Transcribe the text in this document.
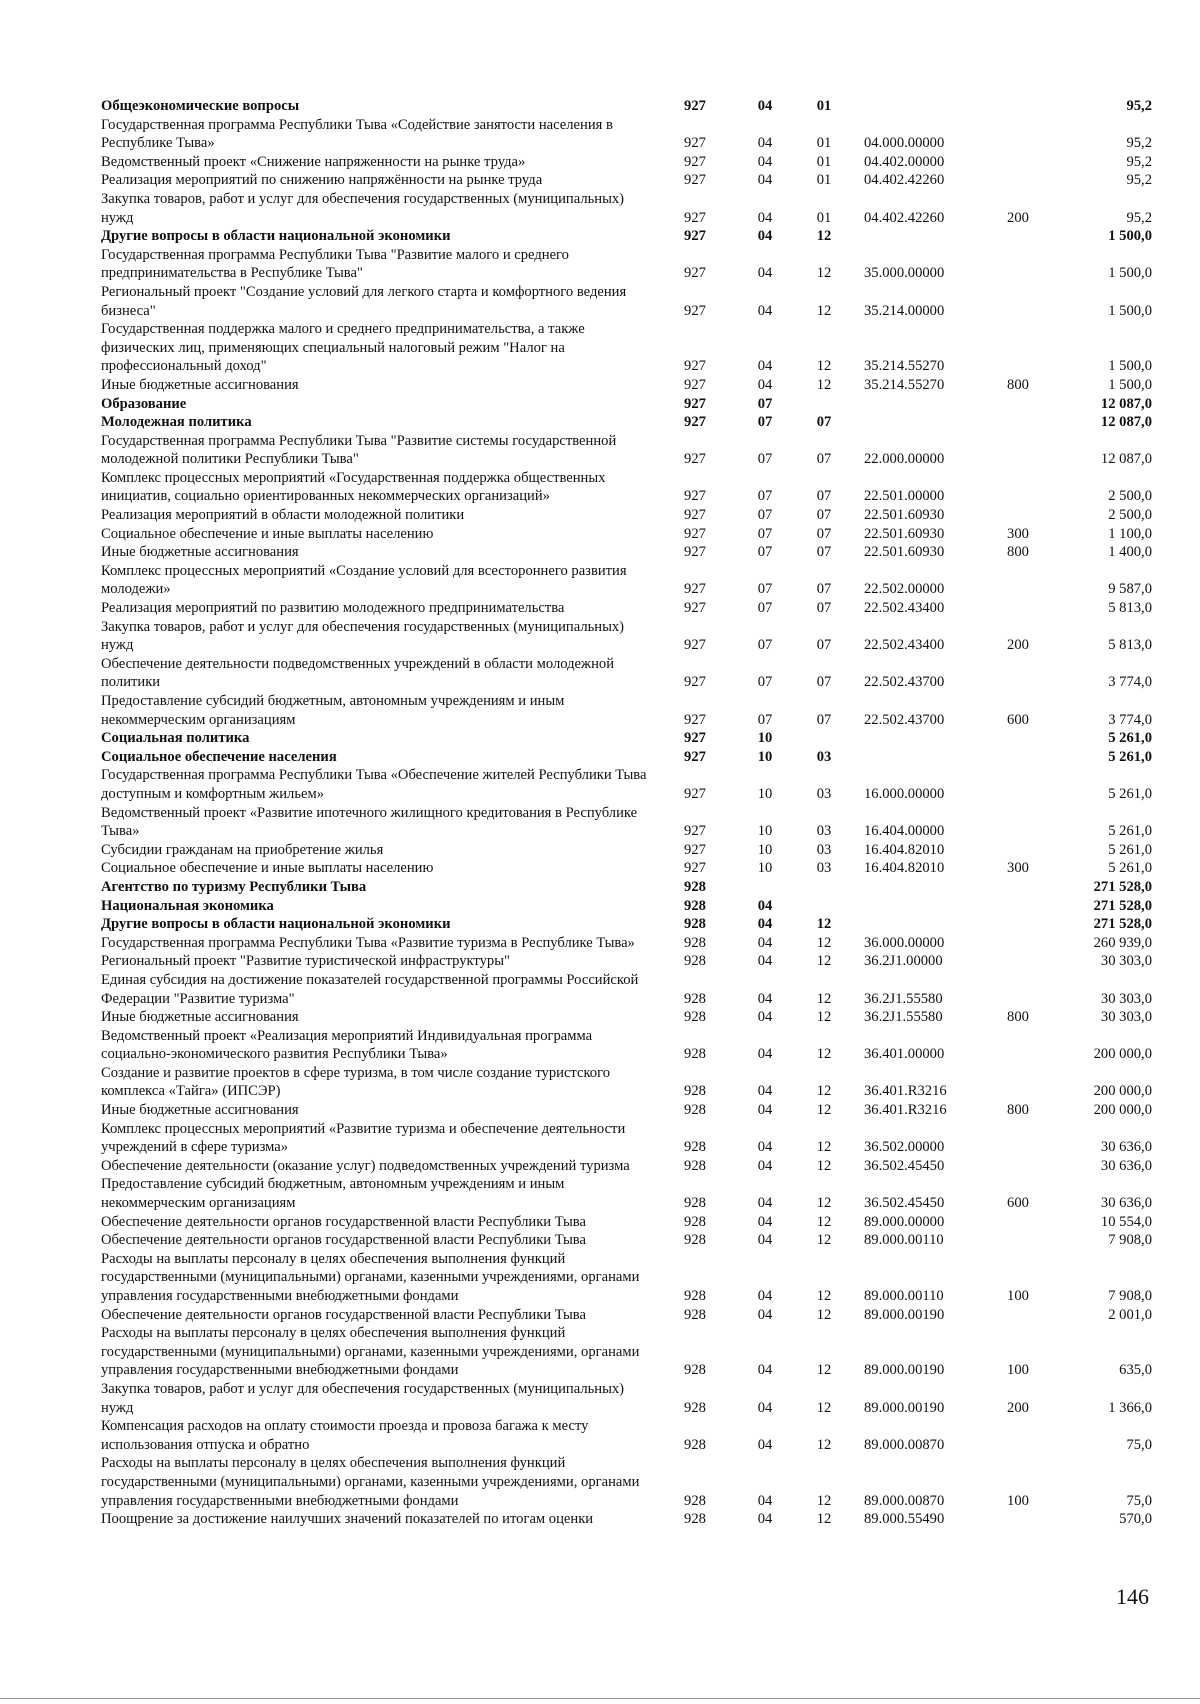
Общеэкономические вопросы	927	04	01			95,2
Государственная программа Республики Тыва «Содействие занятости населения в Республике Тыва»	927	04	01	04.000.00000		95,2
Ведомственный проект «Снижение напряженности на рынке труда»	927	04	01	04.402.00000		95,2
Реализация мероприятий по снижению напряжённости на рынке труда	927	04	01	04.402.42260		95,2
Закупка товаров, работ и услуг для обеспечения государственных (муниципальных) нужд	927	04	01	04.402.42260	200	95,2
Другие вопросы в области национальной экономики	927	04	12			1 500,0
Государственная программа Республики Тыва "Развитие малого и среднего предпринимательства в Республике Тыва"	927	04	12	35.000.00000		1 500,0
Региональный проект "Создание условий для легкого старта и комфортного ведения бизнеса"	927	04	12	35.214.00000		1 500,0
Государственная поддержка малого и среднего предпринимательства, а также физических лиц, применяющих специальный налоговый режим "Налог на профессиональный доход"	927	04	12	35.214.55270		1 500,0
Иные бюджетные ассигнования	927	04	12	35.214.55270	800	1 500,0
Образование	927	07				12 087,0
Молодежная политика	927	07	07			12 087,0
Государственная программа Республики Тыва "Развитие системы государственной молодежной политики Республики Тыва"	927	07	07	22.000.00000		12 087,0
Комплекс процессных мероприятий «Государственная поддержка общественных инициатив, социально ориентированных некоммерческих организаций»	927	07	07	22.501.00000		2 500,0
Реализация мероприятий в области молодежной политики	927	07	07	22.501.60930		2 500,0
Социальное обеспечение и иные выплаты населению	927	07	07	22.501.60930	300	1 100,0
Иные бюджетные ассигнования	927	07	07	22.501.60930	800	1 400,0
Комплекс процессных мероприятий «Создание условий для всестороннего развития молодежи»	927	07	07	22.502.00000		9 587,0
Реализация мероприятий по развитию молодежного предпринимательства	927	07	07	22.502.43400		5 813,0
Закупка товаров, работ и услуг для обеспечения государственных (муниципальных) нужд	927	07	07	22.502.43400	200	5 813,0
Обеспечение деятельности подведомственных учреждений в области молодежной политики	927	07	07	22.502.43700		3 774,0
Предоставление субсидий бюджетным, автономным учреждениям и иным некоммерческим организациям	927	07	07	22.502.43700	600	3 774,0
Социальная политика	927	10				5 261,0
Социальное обеспечение населения	927	10	03			5 261,0
Государственная программа Республики Тыва «Обеспечение жителей Республики Тыва доступным и комфортным жильем»	927	10	03	16.000.00000		5 261,0
Ведомственный проект «Развитие ипотечного жилищного кредитования в Республике Тыва»	927	10	03	16.404.00000		5 261,0
Субсидии гражданам на приобретение жилья	927	10	03	16.404.82010		5 261,0
Социальное обеспечение и иные выплаты населению	927	10	03	16.404.82010	300	5 261,0
Агентство по туризму Республики Тыва	928					271 528,0
Национальная экономика	928	04				271 528,0
Другие вопросы в области национальной экономики	928	04	12			271 528,0
Государственная программа Республики Тыва «Развитие туризма в Республике Тыва»	928	04	12	36.000.00000		260 939,0
Региональный проект "Развитие туристической инфраструктуры"	928	04	12	36.2J1.00000		30 303,0
Единая субсидия на достижение показателей государственной программы Российской Федерации "Развитие туризма"	928	04	12	36.2J1.55580		30 303,0
Иные бюджетные ассигнования	928	04	12	36.2J1.55580	800	30 303,0
Ведомственный проект «Реализация мероприятий Индивидуальная программа социально-экономического развития Республики Тыва»	928	04	12	36.401.00000		200 000,0
Создание и развитие проектов в сфере туризма, в том числе создание туристского комплекса «Тайга» (ИПСЭР)	928	04	12	36.401.R3216		200 000,0
Иные бюджетные ассигнования	928	04	12	36.401.R3216	800	200 000,0
Комплекс процессных мероприятий «Развитие туризма и обеспечение деятельности учреждений в сфере туризма»	928	04	12	36.502.00000		30 636,0
Обеспечение деятельности (оказание услуг) подведомственных учреждений туризма	928	04	12	36.502.45450		30 636,0
Предоставление субсидий бюджетным, автономным учреждениям и иным некоммерческим организациям	928	04	12	36.502.45450	600	30 636,0
Обеспечение деятельности органов государственной власти Республики Тыва	928	04	12	89.000.00000		10 554,0
Обеспечение деятельности органов государственной власти Республики Тыва	928	04	12	89.000.00110		7 908,0
Расходы на выплаты персоналу в целях обеспечения выполнения функций государственными (муниципальными) органами, казенными учреждениями, органами управления государственными внебюджетными фондами	928	04	12	89.000.00110	100	7 908,0
Обеспечение деятельности органов государственной власти Республики Тыва	928	04	12	89.000.00190		2 001,0
Расходы на выплаты персоналу в целях обеспечения выполнения функций государственными (муниципальными) органами, казенными учреждениями, органами управления государственными внебюджетными фондами	928	04	12	89.000.00190	100	635,0
Закупка товаров, работ и услуг для обеспечения государственных (муниципальных) нужд	928	04	12	89.000.00190	200	1 366,0
Компенсация расходов на оплату стоимости проезда и провоза багажа к месту использования отпуска и обратно	928	04	12	89.000.00870		75,0
Расходы на выплаты персоналу в целях обеспечения выполнения функций государственными (муниципальными) органами, казенными учреждениями, органами управления государственными внебюджетными фондами	928	04	12	89.000.00870	100	75,0
Поощрение за достижение наилучших значений показателей по итогам оценки	928	04	12	89.000.55490		570,0
146
